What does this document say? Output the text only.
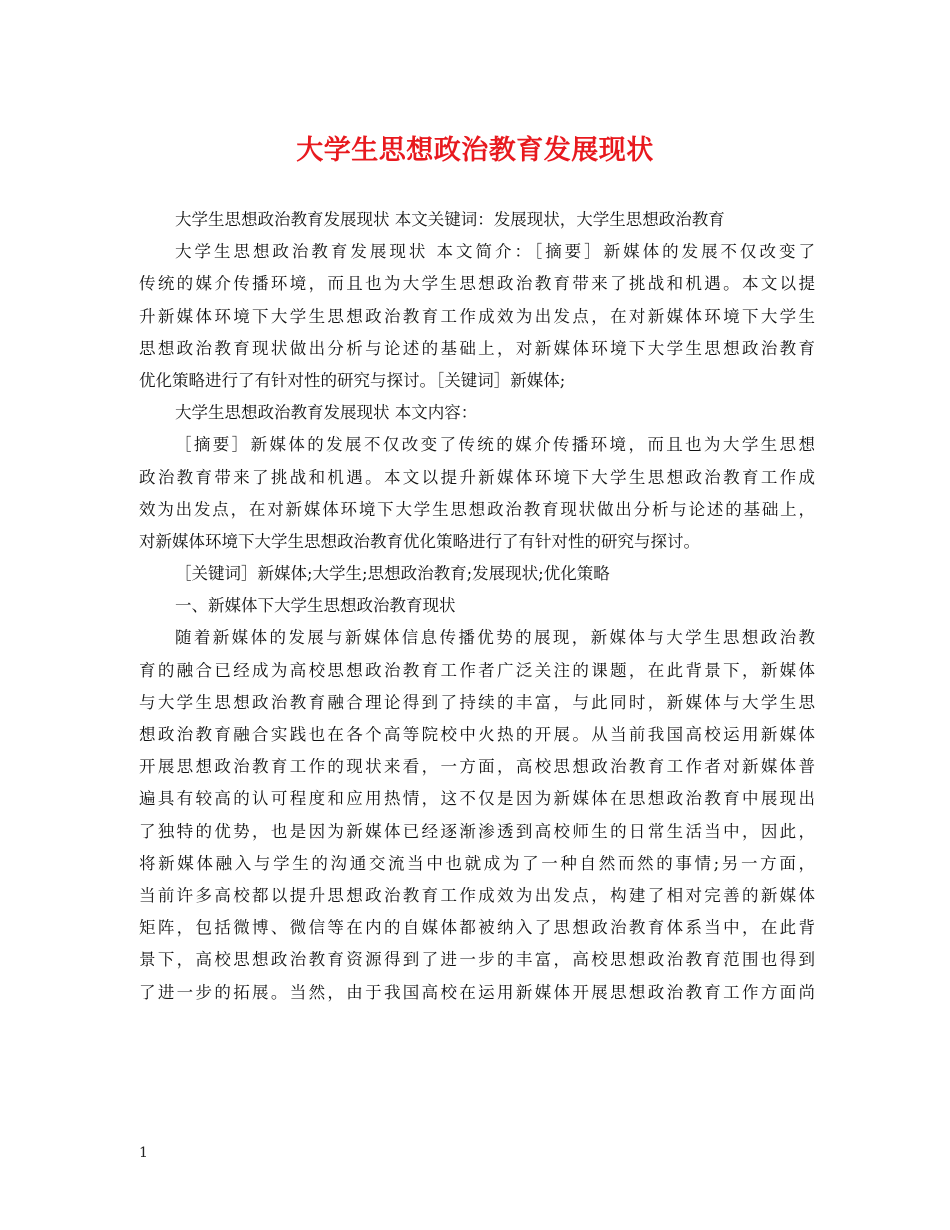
大学生思想政治教育发展现状
大学生思想政治教育发展现状 本文关键词：发展现状，大学生思想政治教育
大学生思想政治教育发展现状 本文简介：［摘要］新媒体的发展不仅改变了
传统的媒介传播环境，而且也为大学生思想政治教育带来了挑战和机遇。本文以提
升新媒体环境下大学生思想政治教育工作成效为出发点，在对新媒体环境下大学生
思想政治教育现状做出分析与论述的基础上，对新媒体环境下大学生思想政治教育
优化策略进行了有针对性的研究与探讨。［关键词］新媒体;
大学生思想政治教育发展现状 本文内容：
［摘要］新媒体的发展不仅改变了传统的媒介传播环境，而且也为大学生思想
政治教育带来了挑战和机遇。本文以提升新媒体环境下大学生思想政治教育工作成
效为出发点，在对新媒体环境下大学生思想政治教育现状做出分析与论述的基础上，
对新媒体环境下大学生思想政治教育优化策略进行了有针对性的研究与探讨。
［关键词］新媒体;大学生;思想政治教育;发展现状;优化策略
一、新媒体下大学生思想政治教育现状
随着新媒体的发展与新媒体信息传播优势的展现，新媒体与大学生思想政治教
育的融合已经成为高校思想政治教育工作者广泛关注的课题，在此背景下，新媒体
与大学生思想政治教育融合理论得到了持续的丰富，与此同时，新媒体与大学生思
想政治教育融合实践也在各个高等院校中火热的开展。从当前我国高校运用新媒体
开展思想政治教育工作的现状来看，一方面，高校思想政治教育工作者对新媒体普
遍具有较高的认可程度和应用热情，这不仅是因为新媒体在思想政治教育中展现出
了独特的优势，也是因为新媒体已经逐渐渗透到高校师生的日常生活当中，因此，
将新媒体融入与学生的沟通交流当中也就成为了一种自然而然的事情;另一方面，
当前许多高校都以提升思想政治教育工作成效为出发点，构建了相对完善的新媒体
矩阵，包括微博、微信等在内的自媒体都被纳入了思想政治教育体系当中，在此背
景下，高校思想政治教育资源得到了进一步的丰富，高校思想政治教育范围也得到
了进一步的拓展。当然，由于我国高校在运用新媒体开展思想政治教育工作方面尚
1
